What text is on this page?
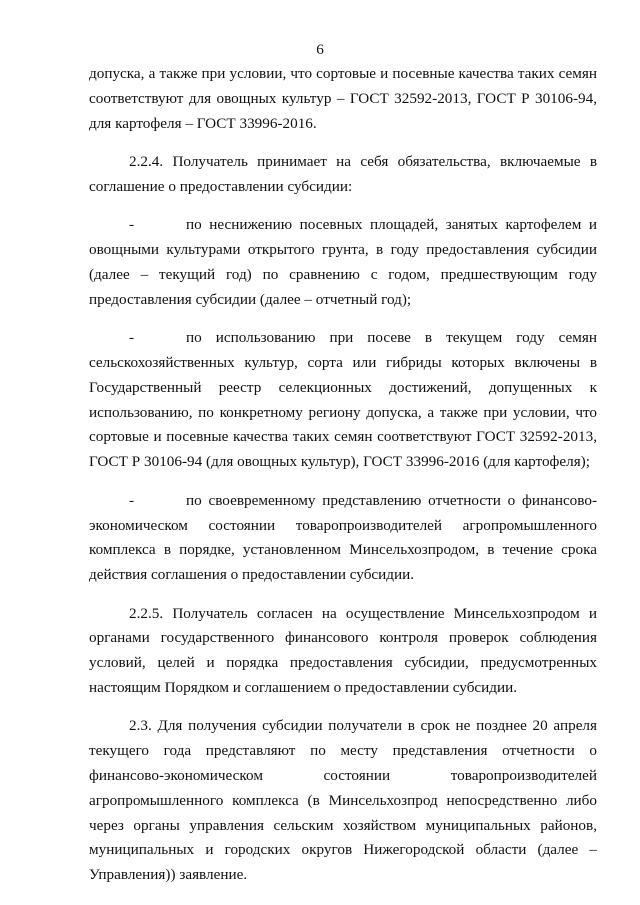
6
допуска, а также при условии, что сортовые и посевные качества таких семян
соответствуют для овощных культур – ГОСТ 32592-2013, ГОСТ Р 30106-94,
для картофеля – ГОСТ 33996-2016.
2.2.4. Получатель принимает на себя обязательства, включаемые в
соглашение о предоставлении субсидии:
-	по неснижению посевных площадей, занятых картофелем и
овощными культурами открытого грунта, в году предоставления субсидии
(далее – текущий год) по сравнению с годом, предшествующим году
предоставления субсидии (далее – отчетный год);
-	по использованию при посеве в текущем году семян
сельскохозяйственных культур, сорта или гибриды которых включены в
Государственный реестр селекционных достижений, допущенных к
использованию, по конкретному региону допуска, а также при условии, что
сортовые и посевные качества таких семян соответствуют ГОСТ 32592-2013,
ГОСТ Р 30106-94 (для овощных культур), ГОСТ 33996-2016 (для картофеля);
-	по своевременному представлению отчетности о финансово-
экономическом состоянии товаропроизводителей агропромышленного
комплекса в порядке, установленном Минсельхозпродом, в течение срока
действия соглашения о предоставлении субсидии.
2.2.5. Получатель согласен на осуществление Минсельхозпродом и
органами государственного финансового контроля проверок соблюдения
условий, целей и порядка предоставления субсидии, предусмотренных
настоящим Порядком и соглашением о предоставлении субсидии.
2.3. Для получения субсидии получатели в срок не позднее 20 апреля
текущего года представляют по месту представления отчетности о
финансово-экономическом состоянии товаропроизводителей
агропромышленного комплекса (в Минсельхозпрод непосредственно либо
через органы управления сельским хозяйством муниципальных районов,
муниципальных и городских округов Нижегородской области (далее –
Управления)) заявление.
